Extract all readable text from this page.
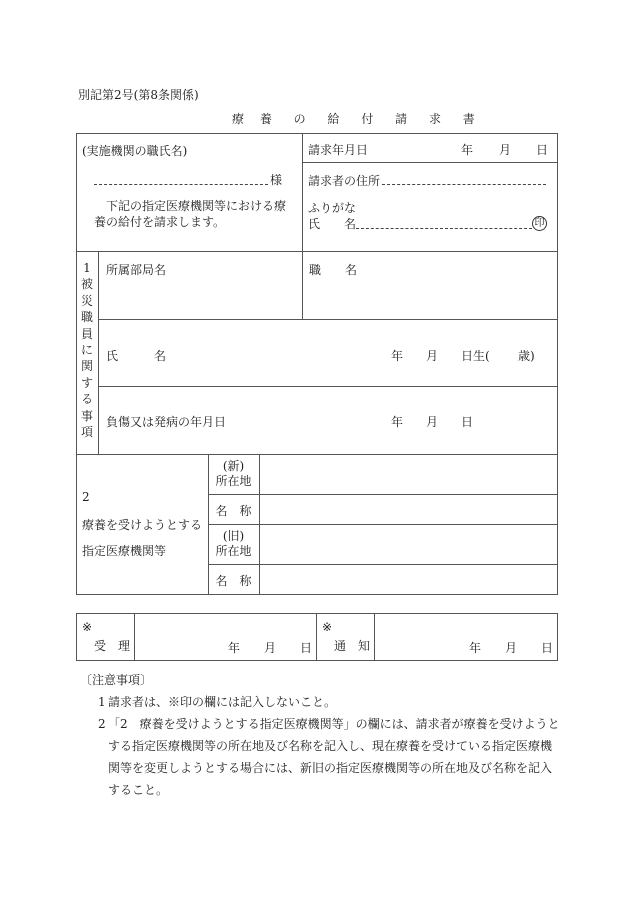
別記第2号(第8条関係)
療 養 の 給 付 請 求 書
(実施機関の職氏名)
様
下記の指定医療機関等における療養の給付を請求します。
請求年月日	年 月 日
請求者の住所
ふりがな
氏　　名	印
1
被
災
職
員
に
関
す
る
事
項
所属部局名	職　　名
氏　　　名	年 月 日生( 歳)
負傷又は発病の年月日	年 月 日
2
療養を受けようとする
指定医療機関等
(新)
所在地
名　称
(旧)
所在地
名　称
※
受　理	年 月 日
※
通　知	年 月 日
〔注意事項〕
1 請求者は、※印の欄には記入しないこと。
2 「2　療養を受けようとする指定医療機関等」の欄には、請求者が療養を受けようとする指定医療機関等の所在地及び名称を記入し、現在療養を受けている指定医療機関等を変更しようとする場合には、新旧の指定医療機関等の所在地及び名称を記入すること。
